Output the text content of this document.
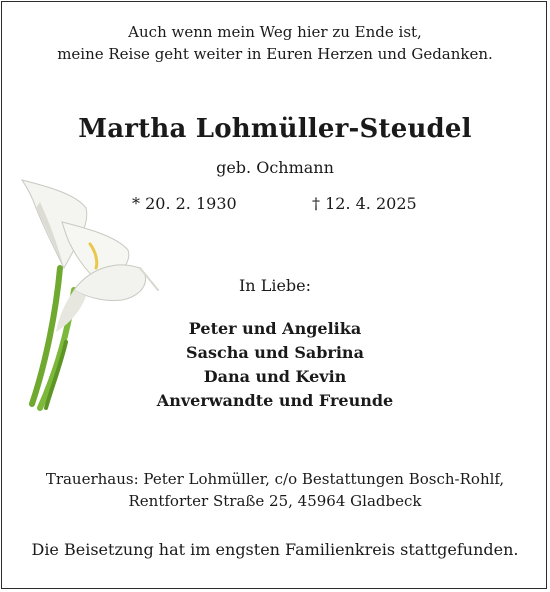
Auch wenn mein Weg hier zu Ende ist,
meine Reise geht weiter in Euren Herzen und Gedanken.
Martha Lohmüller-Steudel
geb. Ochmann
* 20. 2. 1930	† 12. 4. 2025
In Liebe:
Peter und Angelika
Sascha und Sabrina
Dana und Kevin
Anverwandte und Freunde
Trauerhaus: Peter Lohmüller, c/o Bestattungen Bosch-Rohlf,
Rentforter Straße 25, 45964 Gladbeck
Die Beisetzung hat im engsten Familienkreis stattgefunden.
